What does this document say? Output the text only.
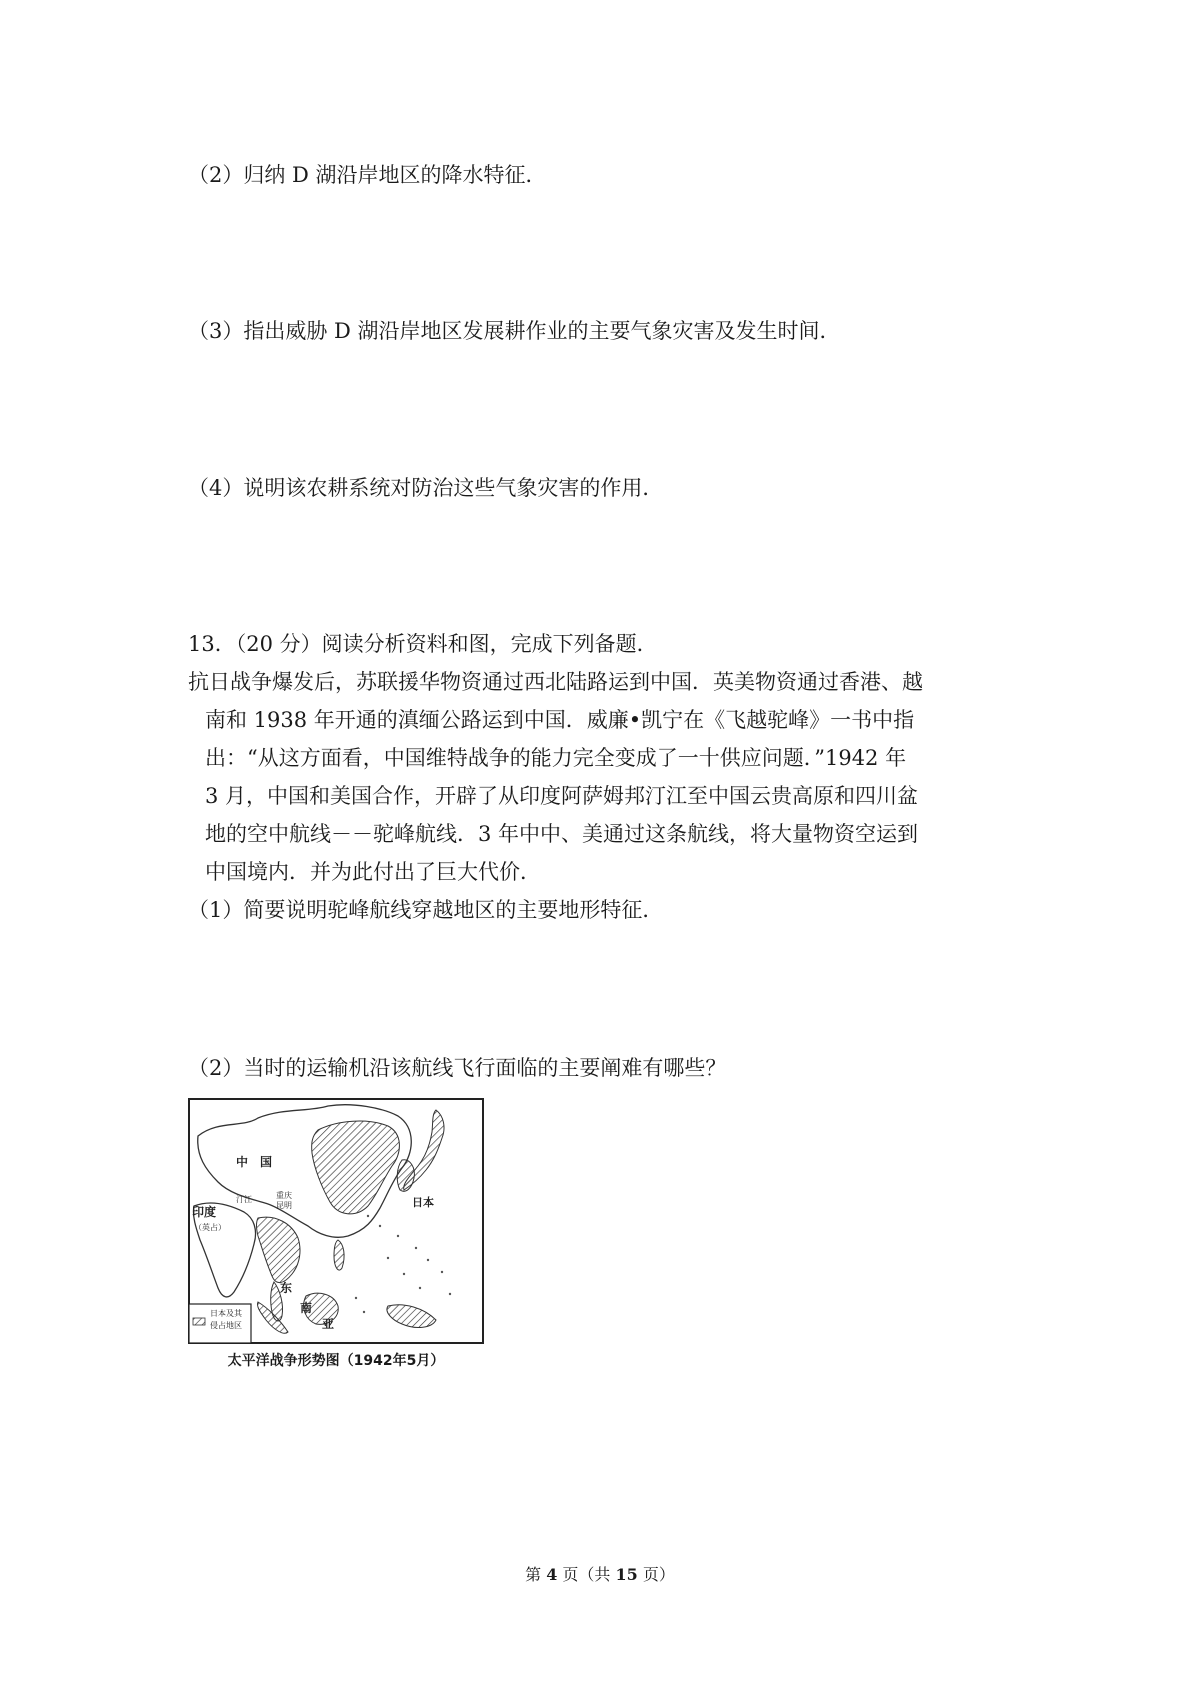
（2）归纳 D 湖沿岸地区的降水特征．
（3）指出威胁 D 湖沿岸地区发展耕作业的主要气象灾害及发生时间．
（4）说明该农耕系统对防治这些气象灾害的作用．
13．（20 分）阅读分析资料和图，完成下列备题．
抗日战争爆发后，苏联援华物资通过西北陆路运到中国．英美物资通过香港、越
南和 1938 年开通的滇缅公路运到中国．威廉•凯宁在《飞越驼峰》一书中指
出：“从这方面看，中国维特战争的能力完全变成了一十供应问题．”1942 年
3 月，中国和美国合作，开辟了从印度阿萨姆邦汀江至中国云贵高原和四川盆
地的空中航线－－驼峰航线．3 年中中、美通过这条航线，将大量物资空运到
中国境内．并为此付出了巨大代价．
（1）简要说明驼峰航线穿越地区的主要地形特征．
（2）当时的运输机沿该航线飞行面临的主要阐难有哪些？
中　国
日本
印度
（英占）
汀江	重庆
昆明
东
南
亚
日本及其
侵占地区
太平洋战争形势图（1942年5月）
第 4 页（共 15 页）
